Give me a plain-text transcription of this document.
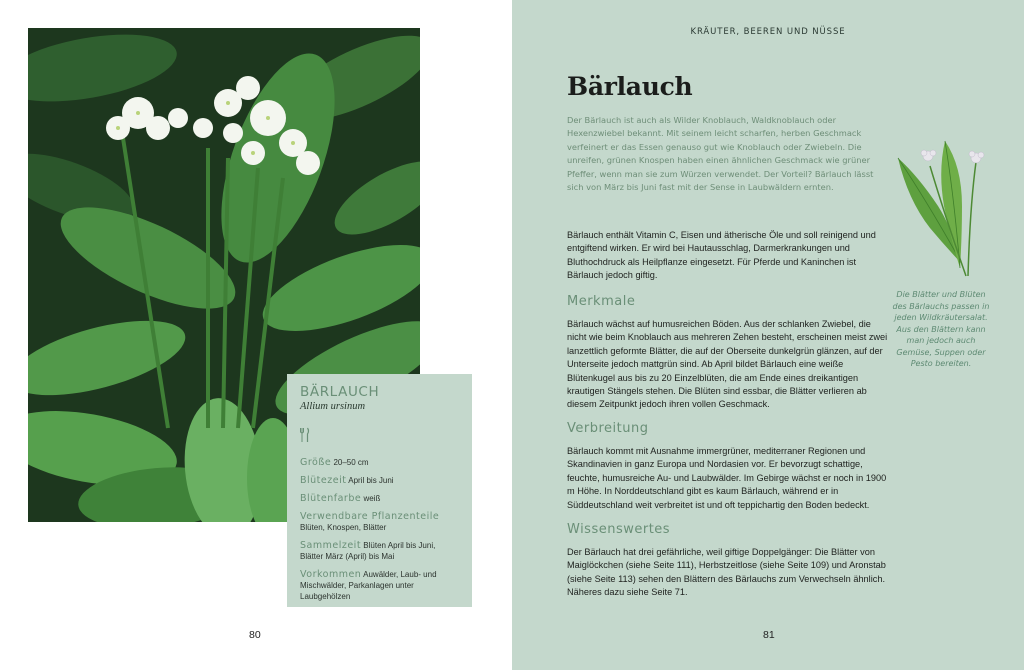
BÄRLAUCH
Allium ursinum
Größe 20–50 cm
Blütezeit April bis Juni
Blütenfarbe weiß
Verwendbare Pflanzenteile Blüten, Knospen, Blätter
Sammelzeit Blüten April bis Juni, Blätter März (April) bis Mai
Vorkommen Auwälder, Laub- und Mischwälder, Parkanlagen unter Laubgehölzen
80
KRÄUTER, BEEREN UND NÜSSE
Bärlauch
Der Bärlauch ist auch als Wilder Knoblauch, Waldknoblauch oder Hexenzwiebel bekannt. Mit seinem leicht scharfen, herben Geschmack verfeinert er das Essen genauso gut wie Knoblauch oder Zwiebeln. Die unreifen, grünen Knospen haben einen ähnlichen Geschmack wie grüner Pfeffer, wenn man sie zum Würzen verwendet. Der Vorteil? Bärlauch lässt sich von März bis Juni fast mit der Sense in Laubwäldern ernten.
Bärlauch enthält Vitamin C, Eisen und ätherische Öle und soll reinigend und entgiftend wirken. Er wird bei Hautausschlag, Darmerkrankungen und Bluthochdruck als Heilpflanze eingesetzt. Für Pferde und Kaninchen ist Bärlauch jedoch giftig.
Merkmale
Bärlauch wächst auf humusreichen Böden. Aus der schlanken Zwiebel, die nicht wie beim Knoblauch aus mehreren Zehen besteht, erscheinen meist zwei lanzettlich geformte Blätter, die auf der Oberseite dunkelgrün glänzen, auf der Unterseite jedoch mattgrün sind. Ab April bildet Bärlauch eine weiße Blütenkugel aus bis zu 20 Einzelblüten, die am Ende eines dreikantigen krautigen Stängels stehen. Die Blüten sind essbar, die Blätter verlieren ab diesem Zeitpunkt jedoch ihren vollen Geschmack.
Verbreitung
Bärlauch kommt mit Ausnahme immergrüner, mediterraner Regionen und Skandinavien in ganz Europa und Nordasien vor. Er bevorzugt schattige, feuchte, humusreiche Au- und Laubwälder. Im Gebirge wächst er noch in 1900 m Höhe. In Norddeutschland gibt es kaum Bärlauch, während er in Süddeutschland weit verbreitet ist und oft teppichartig den Boden bedeckt.
Wissenswertes
Der Bärlauch hat drei gefährliche, weil giftige Doppelgänger: Die Blätter von Maiglöckchen (siehe Seite 111), Herbstzeitlose (siehe Seite 109) und Aronstab (siehe Seite 113) sehen den Blättern des Bärlauchs zum Verwechseln ähnlich. Näheres dazu siehe Seite 71.
Die Blätter und Blüten des Bärlauchs passen in jeden Wildkräutersalat. Aus den Blättern kann man jedoch auch Gemüse, Suppen oder Pesto bereiten.
81
